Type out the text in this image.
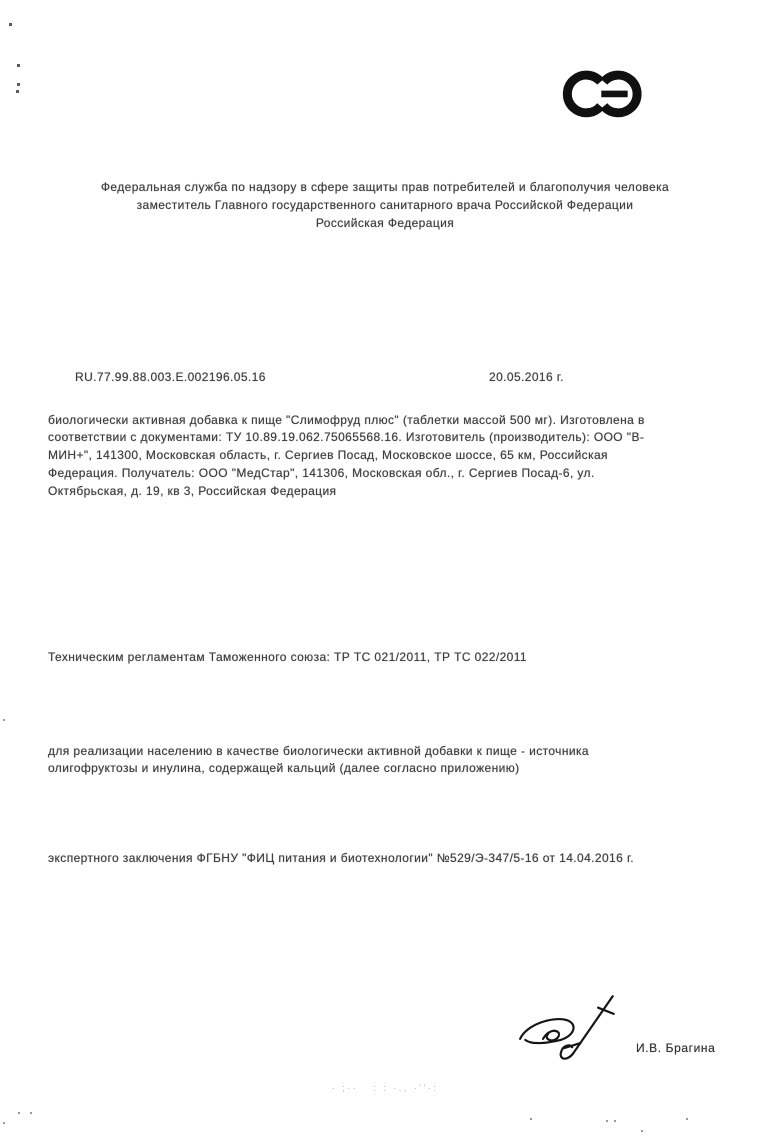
Федеральная служба по надзору в сфере защиты прав потребителей и благополучия человека
заместитель Главного государственного санитарного врача Российской Федерации
Российская Федерация
RU.77.99.88.003.Е.002196.05.16	20.05.2016 г.
биологически активная добавка к пище "Слимофруд плюс" (таблетки массой 500 мг). Изготовлена в
соответствии с документами: ТУ 10.89.19.062.75065568.16. Изготовитель (производитель): ООО "В-
МИН+", 141300, Московская область, г. Сергиев Посад, Московское шоссе, 65 км, Российская
Федерация. Получатель: ООО "МедСтар", 141306, Московская обл., г. Сергиев Посад-6, ул.
Октябрьская, д. 19, кв 3, Российская Федерация
Техническим регламентам Таможенного союза: ТР ТС 021/2011, ТР ТС 022/2011
для реализации населению в качестве биологически активной добавки к пище - источника
олигофруктозы и инулина, содержащей кальций (далее согласно приложению)
экспертного заключения ФГБНУ "ФИЦ питания и биотехнологии" №529/Э-347/5-16 от 14.04.2016 г.
И.В. Брагина
· ;··   : : ·., ·''·:
